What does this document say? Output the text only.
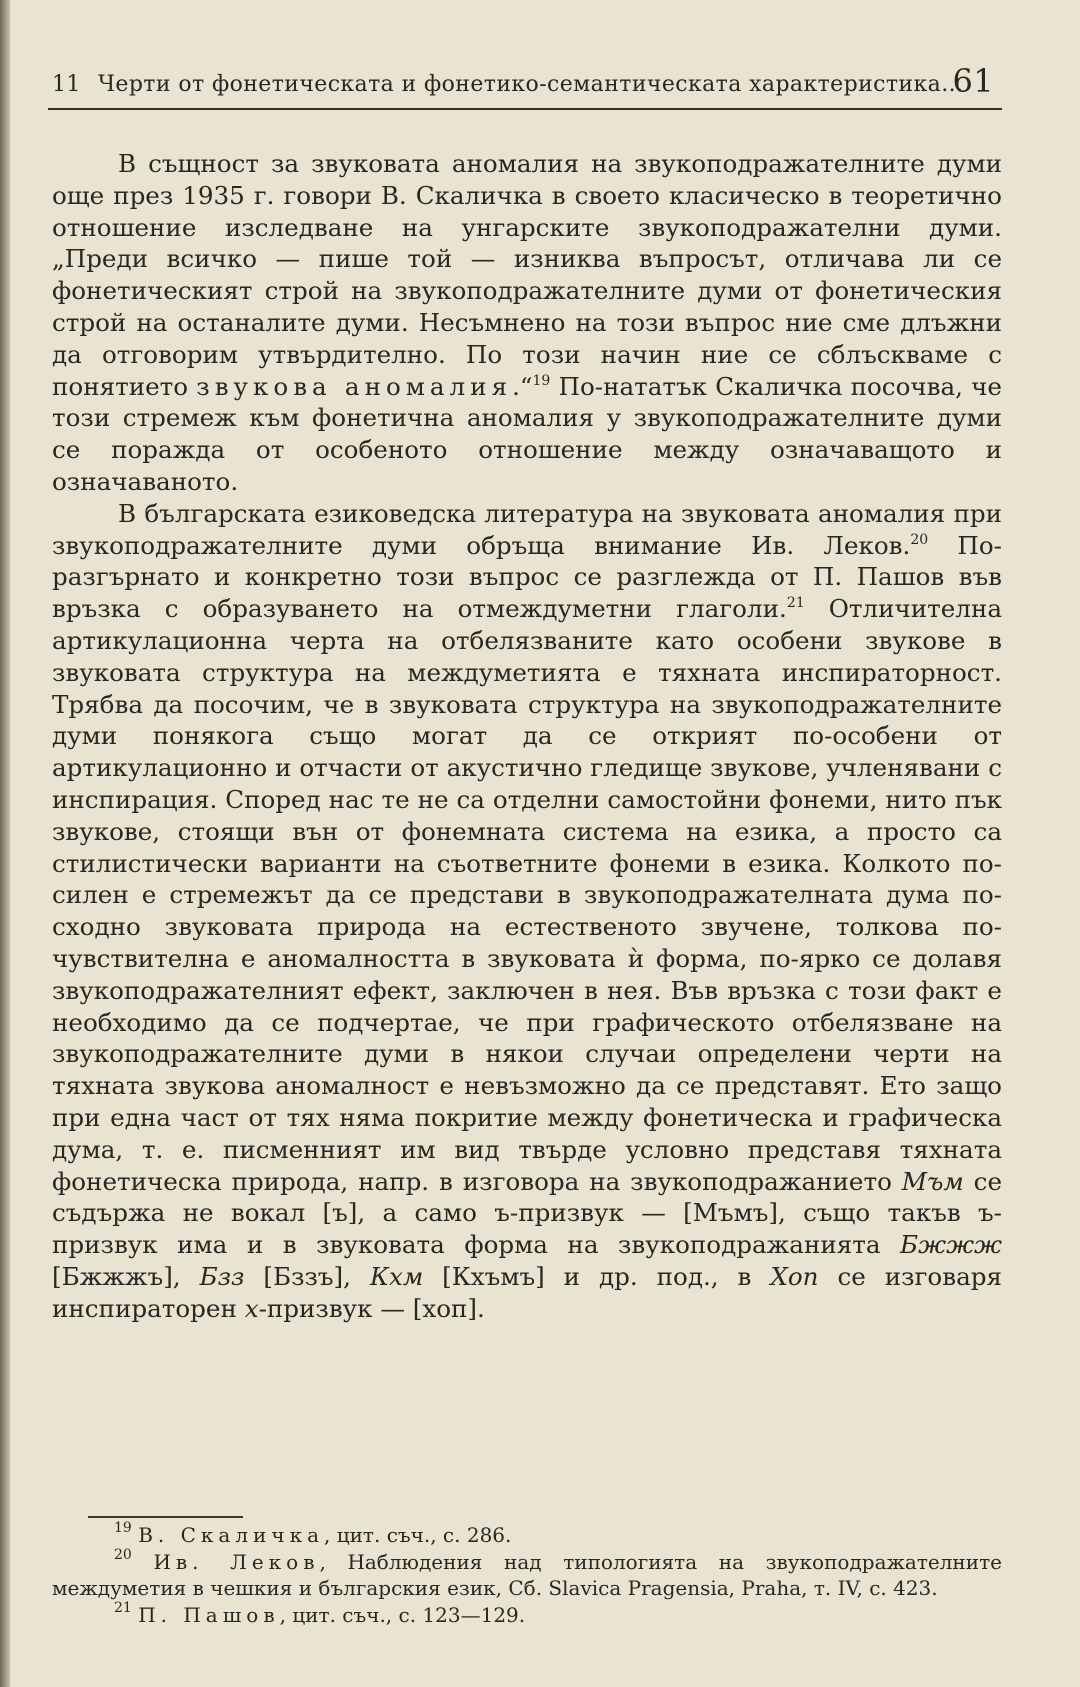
11 Черти от фонетическата и фонетико-семантическата характеристика…
61

В същност за звуковата аномалия на звукоподражателните думи още през 1935 г. говори В. Скаличка в своето класическо в теоретично отношение изследване на унгарските звукоподражателни думи. „Преди всичко — пише той — изниква въпросът, отличава ли се фонетическият строй на звукоподражателните думи от фонетическия строй на останалите думи. Несъмнено на този въпрос ние сме длъжни да отговорим утвърдително. По този начин ние се сблъскваме с понятието звукова аномалия.“$^{19}$ По-нататък Скаличка посочва, че този стремеж към фонетична аномалия у звукоподражателните думи се поражда от особеното отношение между означаващото и означаваното.

В българската езиковедска литература на звуковата аномалия при звукоподражателните думи обръща внимание Ив. Леков.$^{20}$ По-разгърнато и конкретно този въпрос се разглежда от П. Пашов във връзка с образуването на отмеждуметни глаголи.$^{21}$ Отличителна артикулационна черта на отбелязваните като особени звукове в звуковата структура на междуметията е тяхната инспираторност. Трябва да посочим, че в звуковата структура на звукоподражателните думи понякога също могат да се открият по-особени от артикулационно и отчасти от акустично гледище звукове, учленявани с инспирация. Според нас те не са отделни самостойни фонеми, нито пък звукове, стоящи вън от фонемната система на езика, а просто са стилистически варианти на съответните фонеми в езика. Колкото по-силен е стремежът да се представи в звукоподражателната дума по-сходно звуковата природа на естественото звучене, толкова по-чувствителна е аномалността в звуковата ѝ форма, по-ярко се долавя звукоподражателният ефект, заключен в нея. Във връзка с този факт е необходимо да се подчертае, че при графическото отбелязване на звукоподражателните думи в някои случаи определени черти на тяхната звукова аномалност е невъзможно да се представят. Ето защо при една част от тях няма покритие между фонетическа и графическа дума, т. е. писменният им вид твърде условно представя тяхната фонетическа природа, напр. в изговора на звукоподражанието Мъм се съдържа не вокал [ъ], а само ъ-призвук — [Мъмъ], също такъв ъ-призвук има и в звуковата форма на звукоподражанията Бжжж [Бжжжъ], Бзз [Бззъ], Кхм [Кхъмъ] и др. под., в Хоп се изговаря инспираторен х-призвук — [хоп].

$^{19}$ В. Скаличка, цит. съч., с. 286.

$^{20}$ Ив. Леков, Наблюдения над типологията на звукоподражателните междуметия в чешкия и българския език, Сб. Slavica Pragensia, Praha, т. IV, с. 423.

$^{21}$ П. Пашов, цит. съч., с. 123—129.
